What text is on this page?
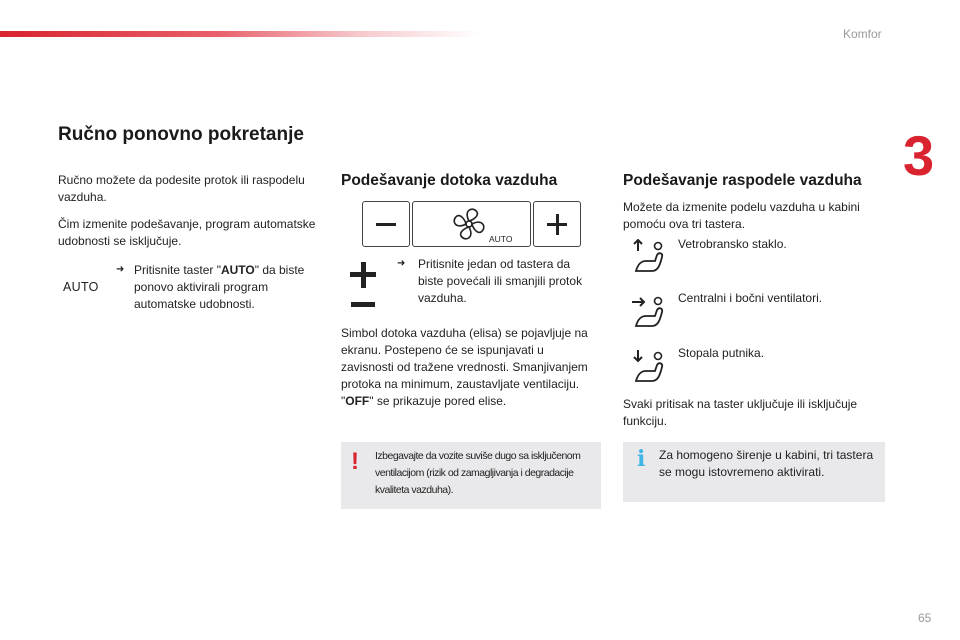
Komfor
3
Ručno ponovno pokretanje

Ručno možete da podesite protok ili raspodelu vazduha.

Čim izmenite podešavanje, program automatske udobnosti se isključuje.

AUTO
➜ Pritisnite taster "AUTO" da biste ponovo aktivirali program automatske udobnosti.

Podešavanje dotoka vazduha
AUTO
➜ Pritisnite jedan od tastera da biste povećali ili smanjili protok vazduha.

Simbol dotoka vazduha (elisa) se pojavljuje na ekranu. Postepeno će se ispunjavati u zavisnosti od tražene vrednosti. Smanjivanjem protoka na minimum, zaustavljate ventilaciju.
"OFF" se prikazuje pored elise.

! Izbegavajte da vozite suviše dugo sa isključenom ventilacijom (rizik od zamagljivanja i degradacije kvaliteta vazduha).

Podešavanje raspodele vazduha

Možete da izmenite podelu vazduha u kabini pomoću ova tri tastera.

Vetrobransko staklo.
Centralni i bočni ventilatori.
Stopala putnika.

Svaki pritisak na taster uključuje ili isključuje funkciju.

i Za homogeno širenje u kabini, tri tastera se mogu istovremeno aktivirati.

65
